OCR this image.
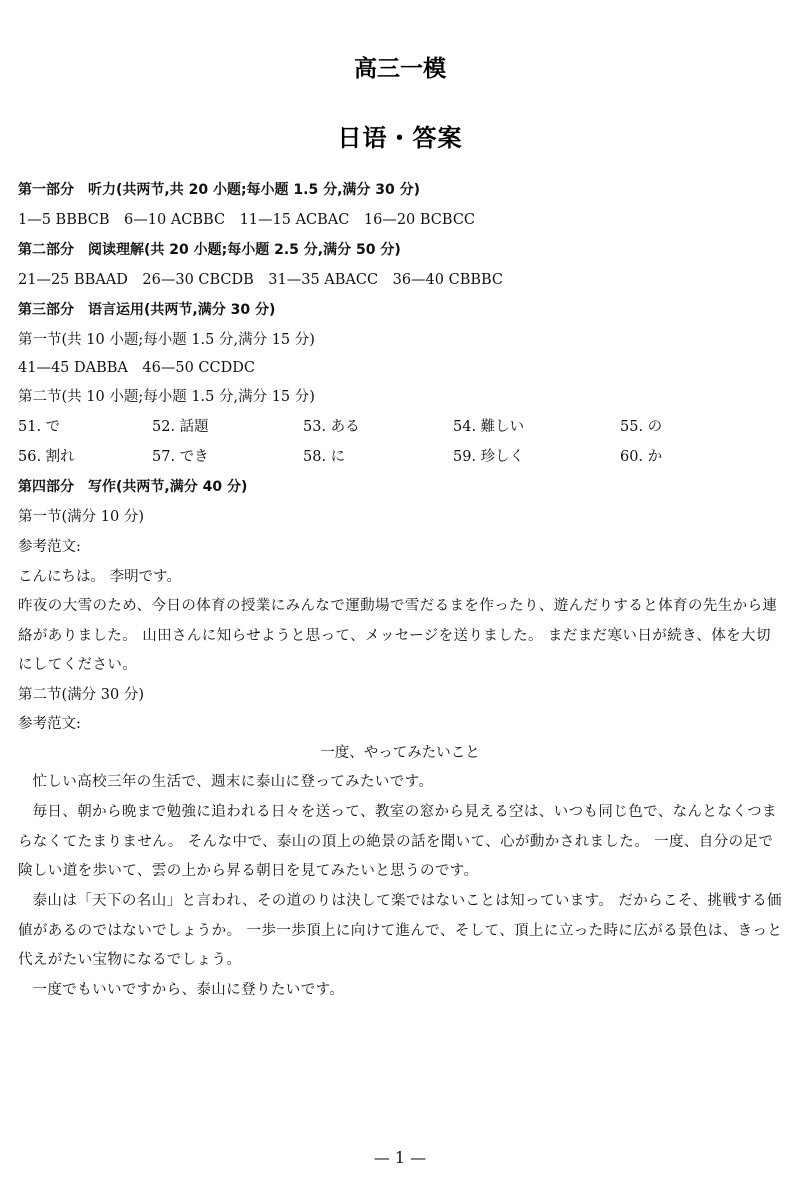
高三一模
日语・答案
第一部分　听力(共两节,共 20 小题;每小题 1.5 分,满分 30 分)
1—5 BBBCB　6—10 ACBBC　11—15 ACBAC　16—20 BCBCC
第二部分　阅读理解(共 20 小题;每小题 2.5 分,满分 50 分)
21—25 BBAAD　26—30 CBCDB　31—35 ABACC　36—40 CBBBC
第三部分　语言运用(共两节,满分 30 分)
第一节(共 10 小题;每小题 1.5 分,满分 15 分)
41—45 DABBA　46—50 CCDDC
第二节(共 10 小题;每小题 1.5 分,满分 15 分)
51. で	52. 話題	53. ある	54. 難しい	55. の
56. 割れ	57. でき	58. に	59. 珍しく	60. か
第四部分　写作(共两节,满分 40 分)
第一节(满分 10 分)
参考范文:
こんにちは。 李明です。
昨夜の大雪のため、今日の体育の授業にみんなで運動場で雪だるまを作ったり、遊んだりすると体育の先生から連絡がありました。 山田さんに知らせようと思って、メッセージを送りました。 まだまだ寒い日が続き、体を大切にしてください。
第二节(满分 30 分)
参考范文:
一度、やってみたいこと
忙しい高校三年の生活で、週末に泰山に登ってみたいです。
毎日、朝から晩まで勉強に追われる日々を送って、教室の窓から見える空は、いつも同じ色で、なんとなくつまらなくてたまりません。 そんな中で、泰山の頂上の絶景の話を聞いて、心が動かされました。 一度、自分の足で険しい道を歩いて、雲の上から昇る朝日を見てみたいと思うのです。
泰山は「天下の名山」と言われ、その道のりは決して楽ではないことは知っています。 だからこそ、挑戦する価値があるのではないでしょうか。 一歩一歩頂上に向けて進んで、そして、頂上に立った時に広がる景色は、きっと代えがたい宝物になるでしょう。
一度でもいいですから、泰山に登りたいです。
— 1 —
